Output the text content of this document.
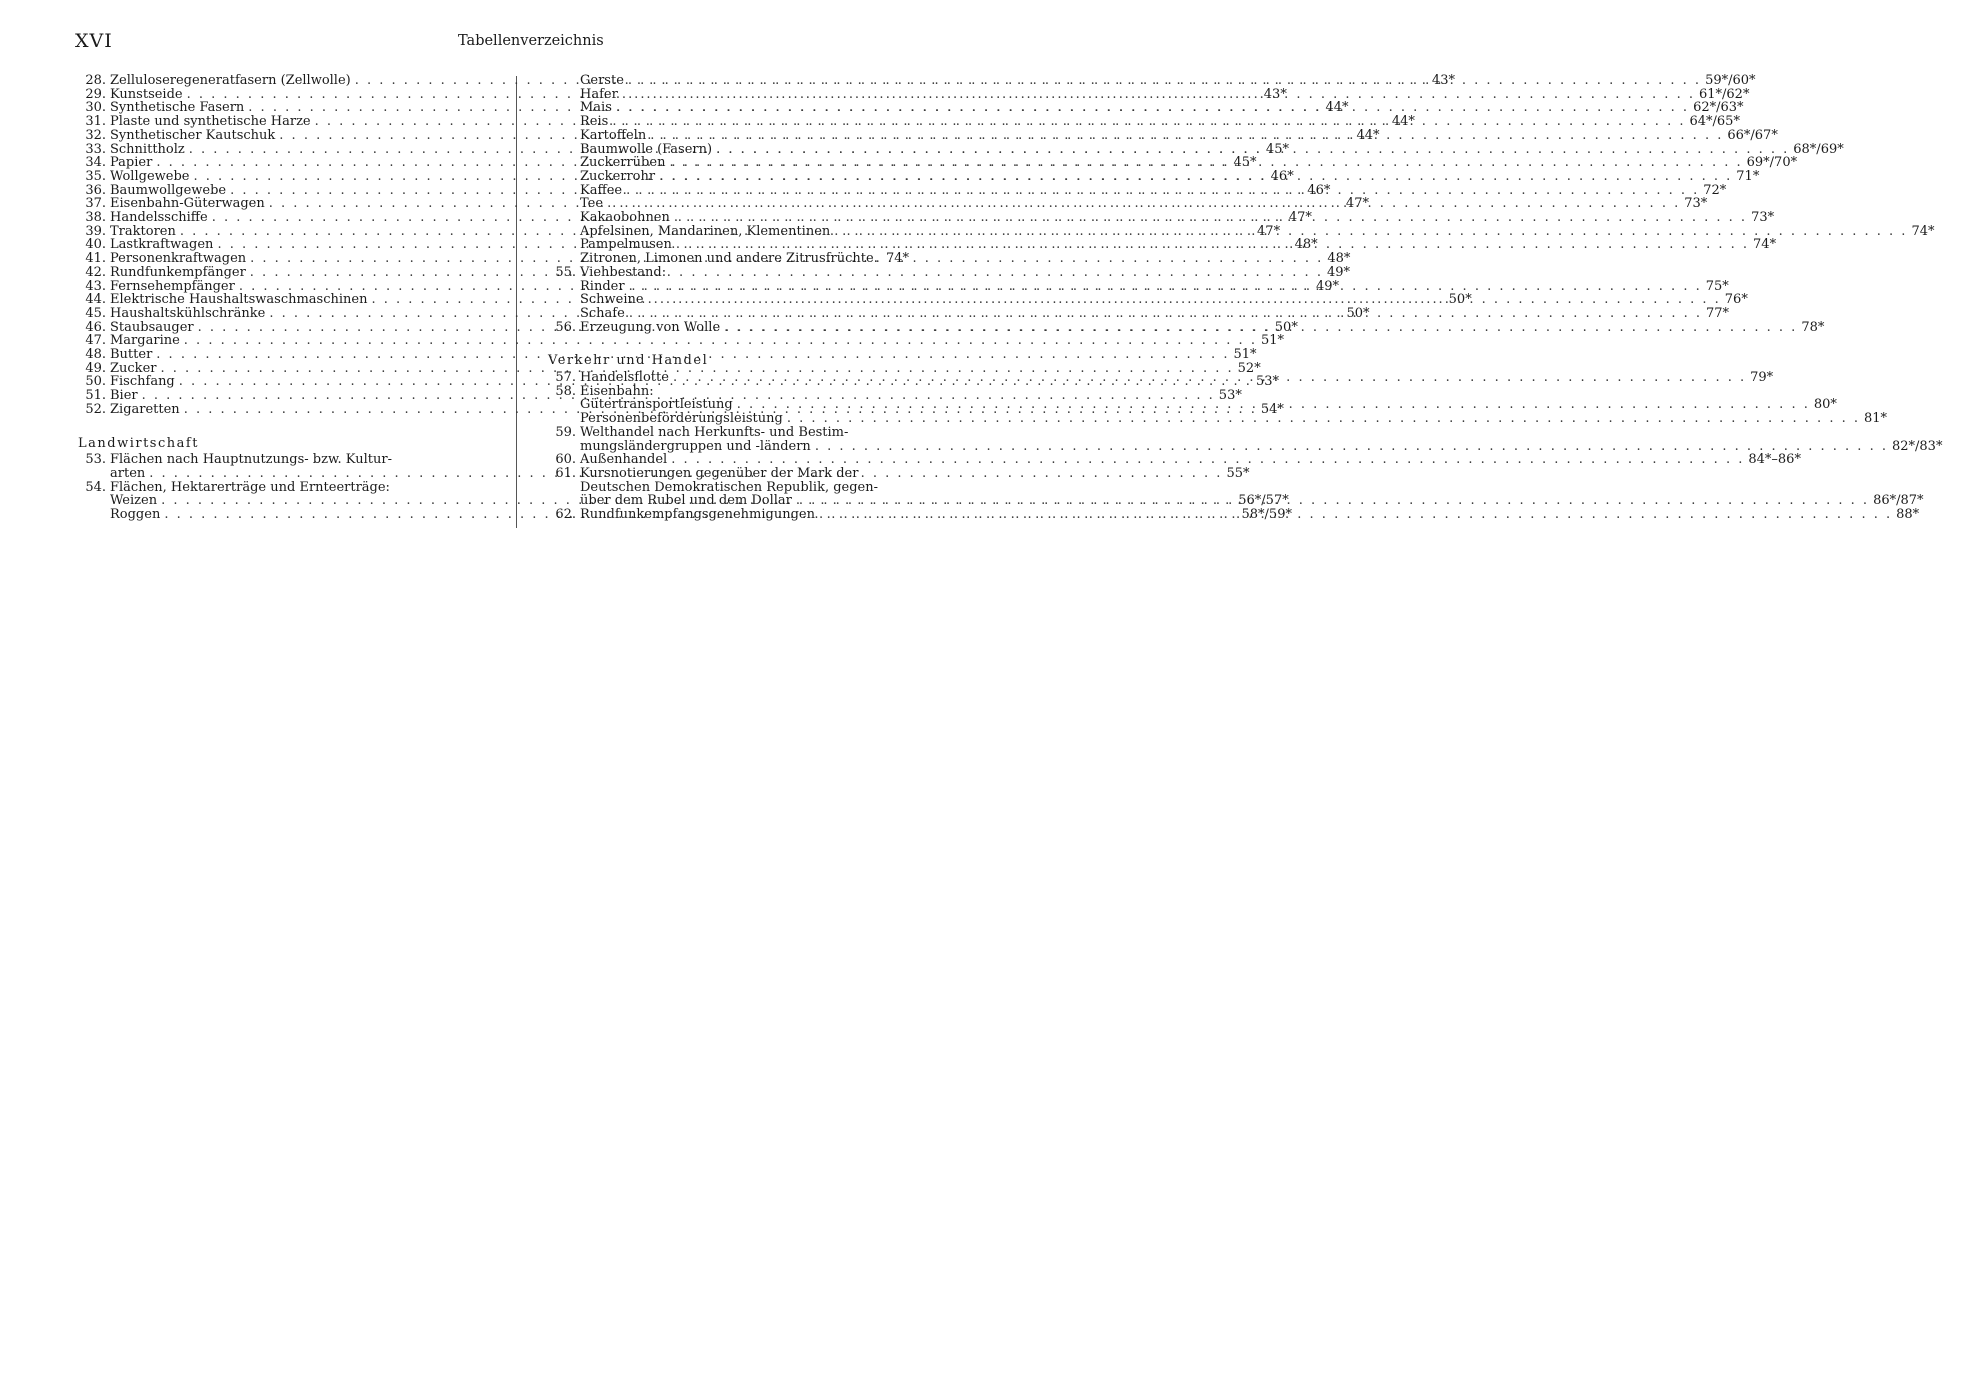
XVI	Tabellenverzeichnis
28. Zelluloseregeneratfasern (Zellwolle) . . .	43*
29. Kunstseide . . .	43*
30. Synthetische Fasern . . .	44*
31. Plaste und synthetische Harze . . .	44*
32. Synthetischer Kautschuk . . .	44*
33. Schnittholz . . .	45*
34. Papier . . .	45*
35. Wollgewebe . . .	46*
36. Baumwollgewebe . . .	46*
37. Eisenbahn-Güterwagen . . .	47*
38. Handelsschiffe . . .	47*
39. Traktoren . . .	47*
40. Lastkraftwagen . . .	48*
41. Personenkraftwagen . . .	48*
42. Rundfunkempfänger . . .	49*
43. Fernsehempfänger . . .	49*
44. Elektrische Haushaltswaschmaschinen . . .	50*
45. Haushaltskühlschränke . . .	50*
46. Staubsauger . . .	50*
47. Margarine . . .	51*
48. Butter . . .	51*
49. Zucker . . .	52*
50. Fischfang . . .	53*
51. Bier . . .	53*
52. Zigaretten . . .	54*
Landwirtschaft
53. Flächen nach Hauptnutzungs- bzw. Kultur-
arten . . .	55*
54. Flächen, Hektarerträge und Ernteerträge:
Weizen . . .	56*/57*
Roggen . . .	58*/59*
Gerste . . .	59*/60*
Hafer . . .	61*/62*
Mais . . .	62*/63*
Reis . . .	64*/65*
Kartoffeln . . .	66*/67*
Baumwolle (Fasern) . . .	68*/69*
Zuckerrüben . . .	69*/70*
Zuckerrohr . . .	71*
Kaffee . . .	72*
Tee . . .	73*
Kakaobohnen . . .	73*
Apfelsinen, Mandarinen, Klementinen . . .	74*
Pampelmusen . . .	74*
Zitronen, Limonen und andere Zitrusfrüchte. 74*
55. Viehbestand:
Rinder . . .	75*
Schweine . . .	76*
Schafe . . .	77*
56. Erzeugung von Wolle . . .	78*
Verkehr und Handel
57. Handelsflotte . . .	79*
58. Eisenbahn:
Gütertransportleistung . . .	80*
Personenbeförderungsleistung . . .	81*
59. Welthandel nach Herkunfts- und Bestim-
mungsländergruppen und -ländern . . .	82*/83*
60. Außenhandel . . .	84*–86*
61. Kursnotierungen gegenüber der Mark der
Deutschen Demokratischen Republik, gegen-
über dem Rubel und dem Dollar . . .	86*/87*
62. Rundfunkempfangsgenehmigungen . . .	88*
